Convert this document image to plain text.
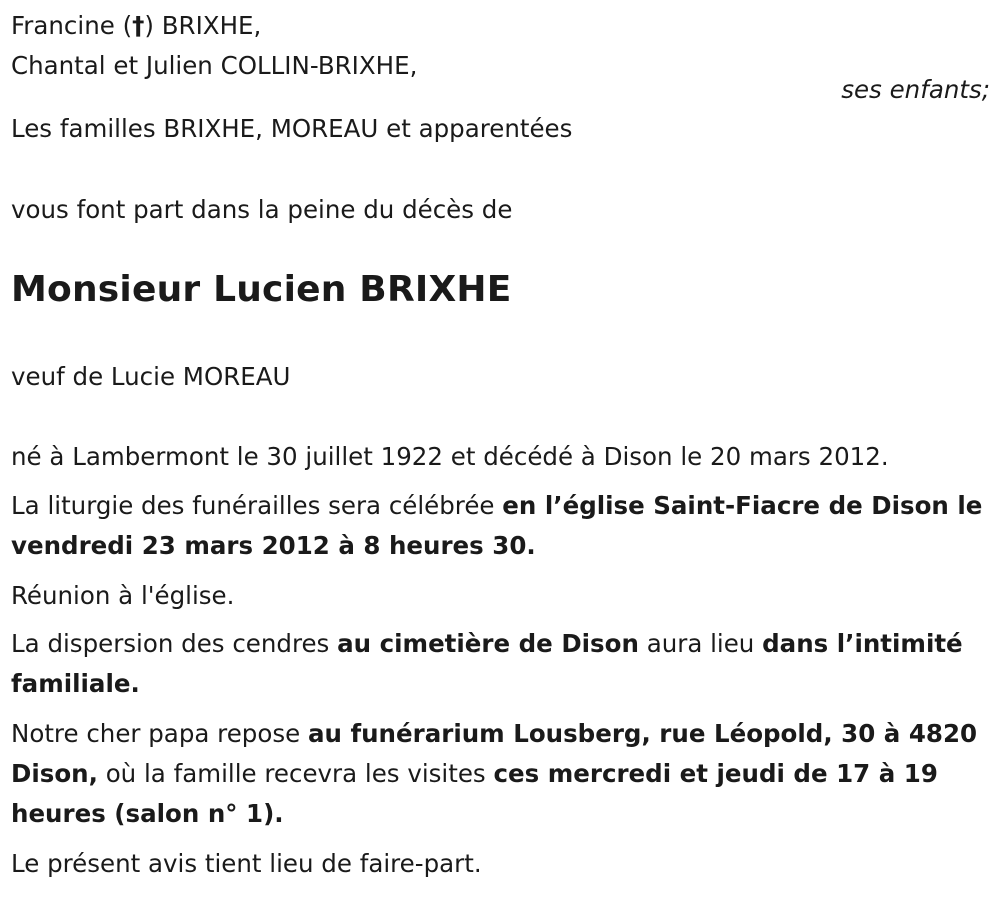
Francine (†) BRIXHE,
Chantal et Julien COLLIN-BRIXHE,
ses enfants;
Les familles BRIXHE, MOREAU et apparentées
vous font part dans la peine du décès de
Monsieur Lucien BRIXHE
veuf de Lucie MOREAU
né à Lambermont le 30 juillet 1922 et décédé à Dison le 20 mars 2012.
La liturgie des funérailles sera célébrée en l’église Saint-Fiacre de Dison le vendredi 23 mars 2012 à 8 heures 30.
Réunion à l'église.
La dispersion des cendres au cimetière de Dison aura lieu dans l’intimité familiale.
Notre cher papa repose au funérarium Lousberg, rue Léopold, 30 à 4820 Dison, où la famille recevra les visites ces mercredi et jeudi de 17 à 19 heures (salon n° 1).
Le présent avis tient lieu de faire-part.
